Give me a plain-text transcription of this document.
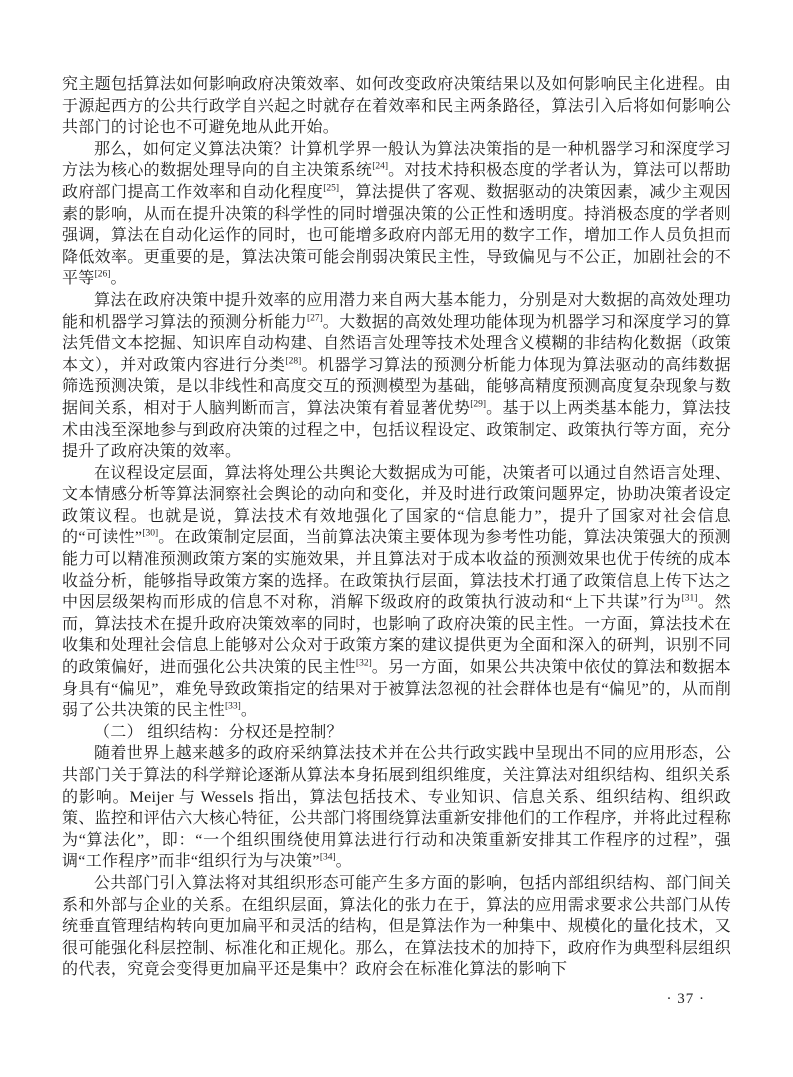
究主题包括算法如何影响政府决策效率、如何改变政府决策结果以及如何影响民主化进程。由于源起西方的公共行政学自兴起之时就存在着效率和民主两条路径，算法引入后将如何影响公共部门的讨论也不可避免地从此开始。

那么，如何定义算法决策？计算机学界一般认为算法决策指的是一种机器学习和深度学习方法为核心的数据处理导向的自主决策系统[24]。对技术持积极态度的学者认为，算法可以帮助政府部门提高工作效率和自动化程度[25]，算法提供了客观、数据驱动的决策因素，减少主观因素的影响，从而在提升决策的科学性的同时增强决策的公正性和透明度。持消极态度的学者则强调，算法在自动化运作的同时，也可能增多政府内部无用的数字工作，增加工作人员负担而降低效率。更重要的是，算法决策可能会削弱决策民主性，导致偏见与不公正，加剧社会的不平等[26]。

算法在政府决策中提升效率的应用潜力来自两大基本能力，分别是对大数据的高效处理功能和机器学习算法的预测分析能力[27]。大数据的高效处理功能体现为机器学习和深度学习的算法凭借文本挖掘、知识库自动构建、自然语言处理等技术处理含义模糊的非结构化数据（政策本文），并对政策内容进行分类[28]。机器学习算法的预测分析能力体现为算法驱动的高纬数据筛选预测决策，是以非线性和高度交互的预测模型为基础，能够高精度预测高度复杂现象与数据间关系，相对于人脑判断而言，算法决策有着显著优势[29]。基于以上两类基本能力，算法技术由浅至深地参与到政府决策的过程之中，包括议程设定、政策制定、政策执行等方面，充分提升了政府决策的效率。

在议程设定层面，算法将处理公共舆论大数据成为可能，决策者可以通过自然语言处理、文本情感分析等算法洞察社会舆论的动向和变化，并及时进行政策问题界定，协助决策者设定政策议程。也就是说，算法技术有效地强化了国家的“信息能力”，提升了国家对社会信息的“可读性”[30]。在政策制定层面，当前算法决策主要体现为参考性功能，算法决策强大的预测能力可以精准预测政策方案的实施效果，并且算法对于成本收益的预测效果也优于传统的成本收益分析，能够指导政策方案的选择。在政策执行层面，算法技术打通了政策信息上传下达之中因层级架构而形成的信息不对称，消解下级政府的政策执行波动和“上下共谋”行为[31]。然而，算法技术在提升政府决策效率的同时，也影响了政府决策的民主性。一方面，算法技术在收集和处理社会信息上能够对公众对于政策方案的建议提供更为全面和深入的研判，识别不同的政策偏好，进而强化公共决策的民主性[32]。另一方面，如果公共决策中依仗的算法和数据本身具有“偏见”，难免导致政策指定的结果对于被算法忽视的社会群体也是有“偏见”的，从而削弱了公共决策的民主性[33]。

（二） 组织结构：分权还是控制？

随着世界上越来越多的政府采纳算法技术并在公共行政实践中呈现出不同的应用形态，公共部门关于算法的科学辩论逐渐从算法本身拓展到组织维度，关注算法对组织结构、组织关系的影响。Meijer 与 Wessels 指出，算法包括技术、专业知识、信息关系、组织结构、组织政策、监控和评估六大核心特征，公共部门将围绕算法重新安排他们的工作程序，并将此过程称为“算法化”，即：“一个组织围绕使用算法进行行动和决策重新安排其工作程序的过程”，强调“工作程序”而非“组织行为与决策”[34]。

公共部门引入算法将对其组织形态可能产生多方面的影响，包括内部组织结构、部门间关系和外部与企业的关系。在组织层面，算法化的张力在于，算法的应用需求要求公共部门从传统垂直管理结构转向更加扁平和灵活的结构，但是算法作为一种集中、规模化的量化技术，又很可能强化科层控制、标准化和正规化。那么，在算法技术的加持下，政府作为典型科层组织的代表，究竟会变得更加扁平还是集中？政府会在标准化算法的影响下

· 37 ·
